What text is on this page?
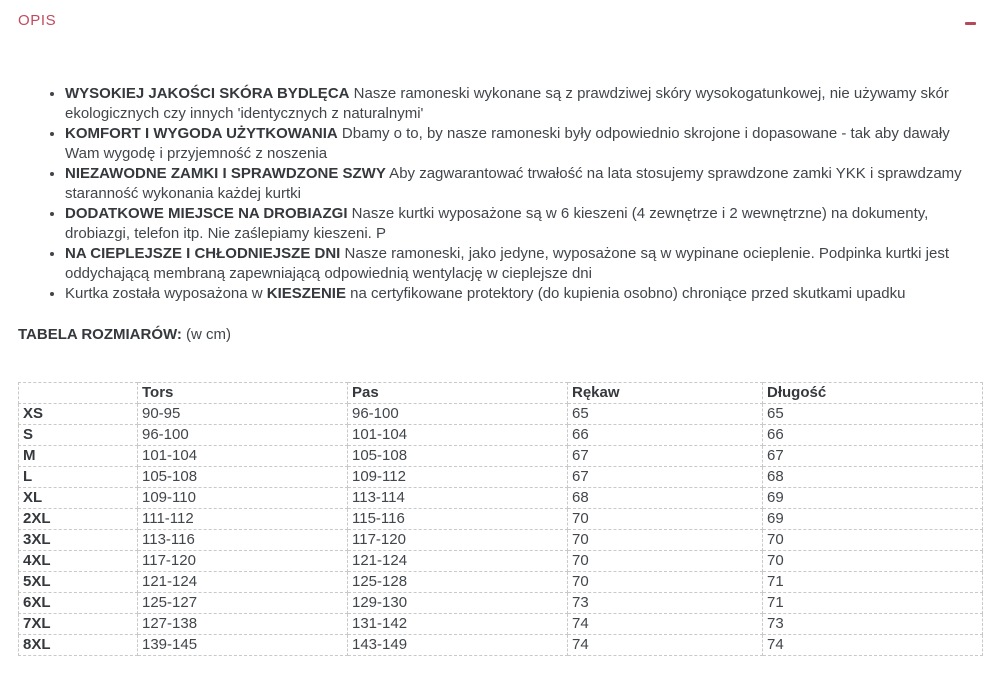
OPIS
• WYSOKIEJ JAKOŚCI SKÓRA BYDLĘCA Nasze ramoneski wykonane są z prawdziwej skóry wysokogatunkowej, nie używamy skór ekologicznych czy innych 'identycznych z naturalnymi'
• KOMFORT I WYGODA UŻYTKOWANIA Dbamy o to, by nasze ramoneski były odpowiednio skrojone i dopasowane - tak aby dawały Wam wygodę i przyjemność z noszenia
• NIEZAWODNE ZAMKI I SPRAWDZONE SZWY Aby zagwarantować trwałość na lata stosujemy sprawdzone zamki YKK i sprawdzamy staranność wykonania każdej kurtki
• DODATKOWE MIEJSCE NA DROBIAZGI Nasze kurtki wyposażone są w 6 kieszeni (4 zewnętrze i 2 wewnętrzne) na dokumenty, drobiazgi, telefon itp. Nie zaślepiamy kieszeni. P
• NA CIEPLEJSZE I CHŁODNIEJSZE DNI Nasze ramoneski, jako jedyne, wyposażone są w wypinane ocieplenie. Podpinka kurtki jest oddychającą membraną zapewniającą odpowiednią wentylację w cieplejsze dni
• Kurtka została wyposażona w KIESZENIE na certyfikowane protektory (do kupienia osobno) chroniące przed skutkami upadku

TABELA ROZMIARÓW: (w cm)

	Tors	Pas	Rękaw	Długość
XS	90-95	96-100	65	65
S	96-100	101-104	66	66
M	101-104	105-108	67	67
L	105-108	109-112	67	68
XL	109-110	113-114	68	69
2XL	111-112	115-116	70	69
3XL	113-116	117-120	70	70
4XL	117-120	121-124	70	70
5XL	121-124	125-128	70	71
6XL	125-127	129-130	73	71
7XL	127-138	131-142	74	73
8XL	139-145	143-149	74	74
